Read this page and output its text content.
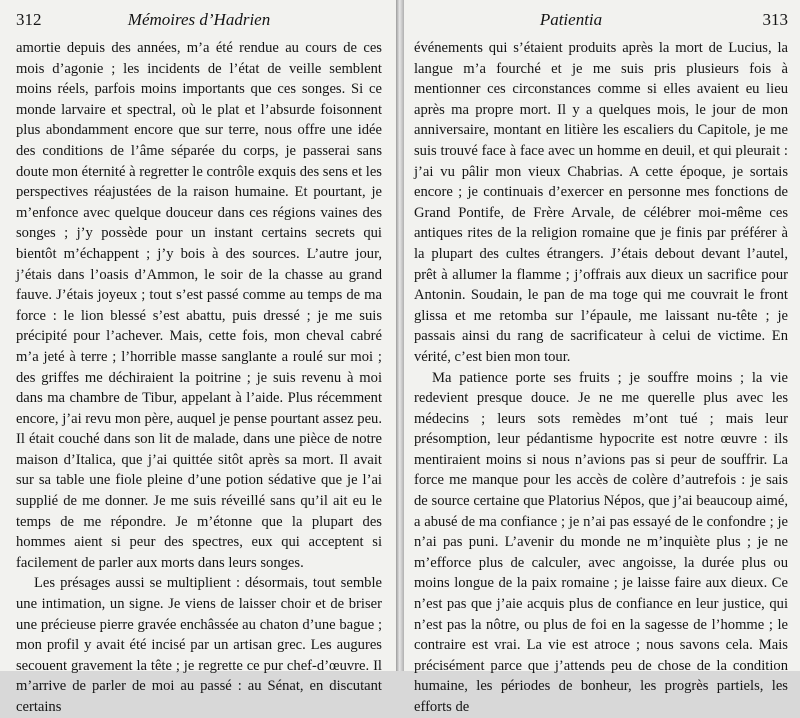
312	Mémoires d’Hadrien

amortie depuis des années, m’a été rendue au cours de ces mois d’agonie ; les incidents de l’état de veille semblent moins réels, parfois moins importants que ces songes. Si ce monde larvaire et spectral, où le plat et l’absurde foisonnent plus abondamment encore que sur terre, nous offre une idée des conditions de l’âme séparée du corps, je passerai sans doute mon éternité à regretter le contrôle exquis des sens et les perspectives réajustées de la raison humaine. Et pourtant, je m’enfonce avec quelque douceur dans ces régions vaines des songes ; j’y possède pour un instant certains secrets qui bientôt m’échappent ; j’y bois à des sources. L’autre jour, j’étais dans l’oasis d’Ammon, le soir de la chasse au grand fauve. J’étais joyeux ; tout s’est passé comme au temps de ma force : le lion blessé s’est abattu, puis dressé ; je me suis précipité pour l’achever. Mais, cette fois, mon cheval cabré m’a jeté à terre ; l’horrible masse sanglante a roulé sur moi ; des griffes me déchiraient la poitrine ; je suis revenu à moi dans ma chambre de Tibur, appelant à l’aide. Plus récemment encore, j’ai revu mon père, auquel je pense pourtant assez peu. Il était couché dans son lit de malade, dans une pièce de notre maison d’Italica, que j’ai quittée sitôt après sa mort. Il avait sur sa table une fiole pleine d’une potion sédative que je l’ai supplié de me donner. Je me suis réveillé sans qu’il ait eu le temps de me répondre. Je m’étonne que la plupart des hommes aient si peur des spectres, eux qui acceptent si facilement de parler aux morts dans leurs songes.

Les présages aussi se multiplient : désormais, tout semble une intimation, un signe. Je viens de laisser choir et de briser une précieuse pierre gravée enchâssée au chaton d’une bague ; mon profil y avait été incisé par un artisan grec. Les augures secouent gravement la tête ; je regrette ce pur chef-d’œuvre. Il m’arrive de parler de moi au passé : au Sénat, en discutant certains

Patientia	313

événements qui s’étaient produits après la mort de Lucius, la langue m’a fourché et je me suis pris plusieurs fois à mentionner ces circonstances comme si elles avaient eu lieu après ma propre mort. Il y a quelques mois, le jour de mon anniversaire, montant en litière les escaliers du Capitole, je me suis trouvé face à face avec un homme en deuil, et qui pleurait : j’ai vu pâlir mon vieux Chabrias. A cette époque, je sortais encore ; je continuais d’exercer en personne mes fonctions de Grand Pontife, de Frère Arvale, de célébrer moi-même ces antiques rites de la religion romaine que je finis par préférer à la plupart des cultes étrangers. J’étais debout devant l’autel, prêt à allumer la flamme ; j’offrais aux dieux un sacrifice pour Antonin. Soudain, le pan de ma toge qui me couvrait le front glissa et me retomba sur l’épaule, me laissant nu-tête ; je passais ainsi du rang de sacrificateur à celui de victime. En vérité, c’est bien mon tour.

Ma patience porte ses fruits ; je souffre moins ; la vie redevient presque douce. Je ne me querelle plus avec les médecins ; leurs sots remèdes m’ont tué ; mais leur présomption, leur pédantisme hypocrite est notre œuvre : ils mentiraient moins si nous n’avions pas si peur de souffrir. La force me manque pour les accès de colère d’autrefois : je sais de source certaine que Platorius Népos, que j’ai beaucoup aimé, a abusé de ma confiance ; je n’ai pas essayé de le confondre ; je n’ai pas puni. L’avenir du monde ne m’inquiète plus ; je ne m’efforce plus de calculer, avec angoisse, la durée plus ou moins longue de la paix romaine ; je laisse faire aux dieux. Ce n’est pas que j’aie acquis plus de confiance en leur justice, qui n’est pas la nôtre, ou plus de foi en la sagesse de l’homme ; le contraire est vrai. La vie est atroce ; nous savons cela. Mais précisément parce que j’attends peu de chose de la condition humaine, les périodes de bonheur, les progrès partiels, les efforts de
